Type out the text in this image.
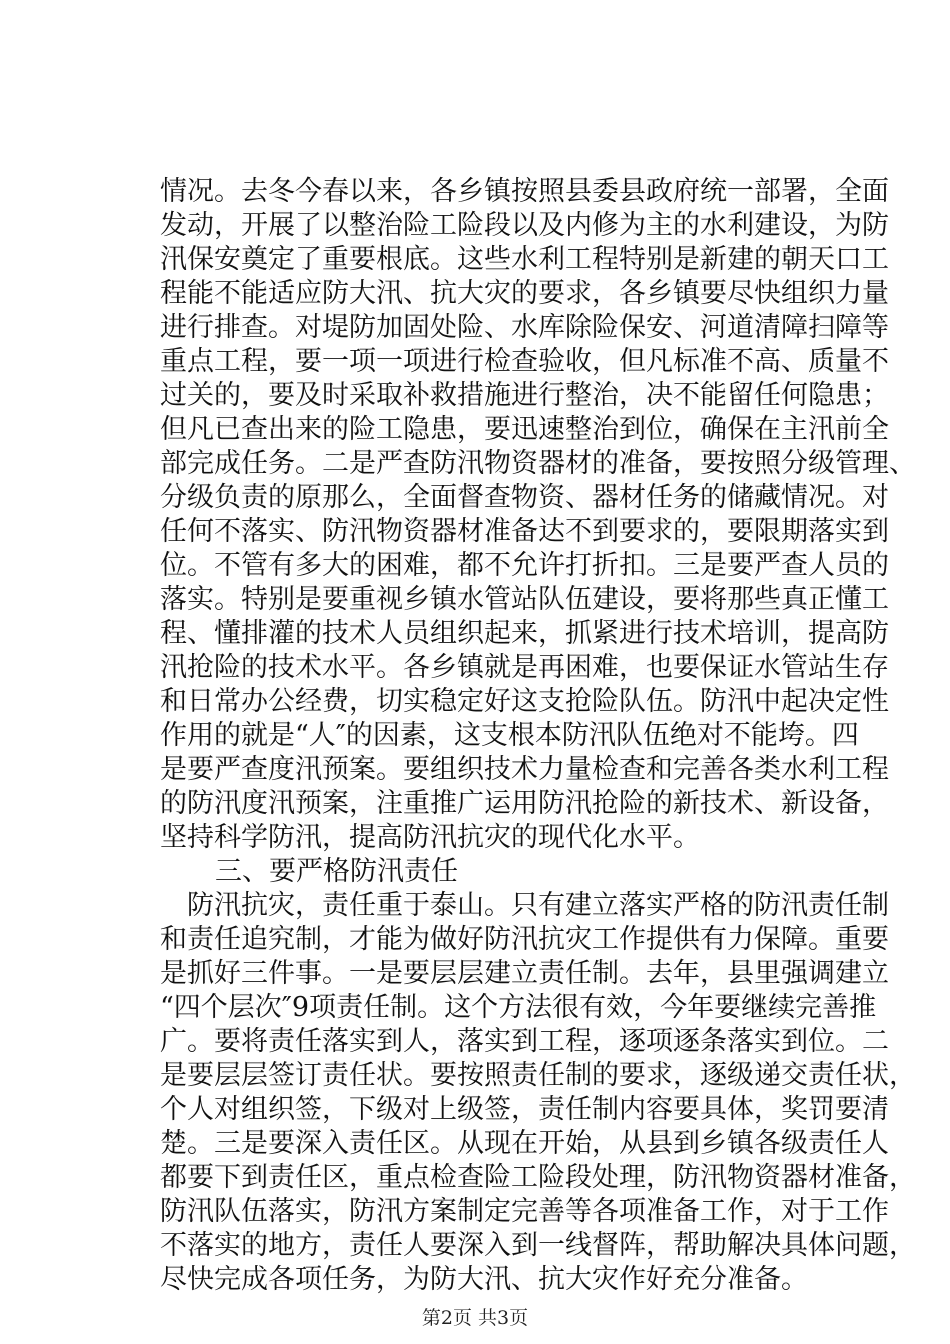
情况。去冬今春以来，各乡镇按照县委县政府统一部署，全面
发动，开展了以整治险工险段以及内修为主的水利建设，为防
汛保安奠定了重要根底。这些水利工程特别是新建的朝天口工
程能不能适应防大汛、抗大灾的要求，各乡镇要尽快组织力量
进行排查。对堤防加固处险、水库除险保安、河道清障扫障等
重点工程，要一项一项进行检查验收，但凡标准不高、质量不
过关的，要及时采取补救措施进行整治，决不能留任何隐患；
但凡已查出来的险工隐患，要迅速整治到位，确保在主汛前全
部完成任务。二是严查防汛物资器材的准备，要按照分级管理、
分级负责的原那么，全面督查物资、器材任务的储藏情况。对
任何不落实、防汛物资器材准备达不到要求的，要限期落实到
位。不管有多大的困难，都不允许打折扣。三是要严查人员的
落实。特别是要重视乡镇水管站队伍建设，要将那些真正懂工
程、懂排灌的技术人员组织起来，抓紧进行技术培训，提高防
汛抢险的技术水平。各乡镇就是再困难，也要保证水管站生存
和日常办公经费，切实稳定好这支抢险队伍。防汛中起决定性
作用的就是“人″的因素，这支根本防汛队伍绝对不能垮。四
是要严查度汛预案。要组织技术力量检查和完善各类水利工程
的防汛度汛预案，注重推广运用防汛抢险的新技术、新设备，
坚持科学防汛，提高防汛抗灾的现代化水平。
三、要严格防汛责任
防汛抗灾，责任重于泰山。只有建立落实严格的防汛责任制
和责任追究制，才能为做好防汛抗灾工作提供有力保障。重要
是抓好三件事。一是要层层建立责任制。去年，县里强调建立
“四个层次″9项责任制。这个方法很有效，今年要继续完善推
广。要将责任落实到人，落实到工程，逐项逐条落实到位。二
是要层层签订责任状。要按照责任制的要求，逐级递交责任状，
个人对组织签，下级对上级签，责任制内容要具体，奖罚要清
楚。三是要深入责任区。从现在开始，从县到乡镇各级责任人
都要下到责任区，重点检查险工险段处理，防汛物资器材准备，
防汛队伍落实，防汛方案制定完善等各项准备工作，对于工作
不落实的地方，责任人要深入到一线督阵，帮助解决具体问题，
尽快完成各项任务，为防大汛、抗大灾作好充分准备。
第2页 共3页
